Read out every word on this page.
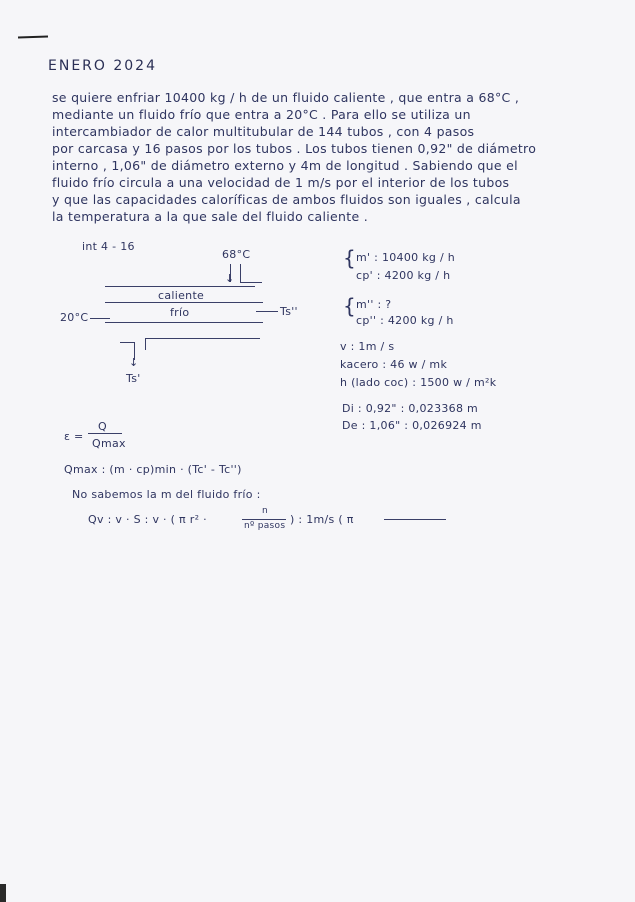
ENERO 2024
se quiere enfriar 10400 kg / h de un fluido caliente , que entra a 68°C ,
mediante un fluido frío que entra a 20°C . Para ello se utiliza un
intercambiador de calor multitubular de 144 tubos , con 4 pasos
por carcasa y 16 pasos por los tubos . Los tubos tienen 0,92" de diámetro
interno , 1,06" de diámetro externo y 4m de longitud . Sabiendo que el
fluido frío circula a una velocidad de 1 m/s por el interior de los tubos
y que las capacidades caloríficas de ambos fluidos son iguales , calcula
la temperatura a la que sale del fluido caliente .
int 4 - 16
68°C
↓
caliente
frío
20°C	Ts''
↓
Ts'
{ m' : 10400 kg / h
cp' : 4200 kg / h
{ m'' : ?
cp'' : 4200 kg / h
v : 1m / s
kacero : 46 w / mk
h (lado coc) : 1500 w / m²k
Di : 0,92" : 0,023368 m
De : 1,06" : 0,026924 m
ε =
Q
Qmax
Qmax : (m · cp)min · (Tc' - Tc'')
No sabemos la m del fluido frío :
Qv : v · S : v · ( π r² ·
n
nº pasos ) : 1m/s ( π
